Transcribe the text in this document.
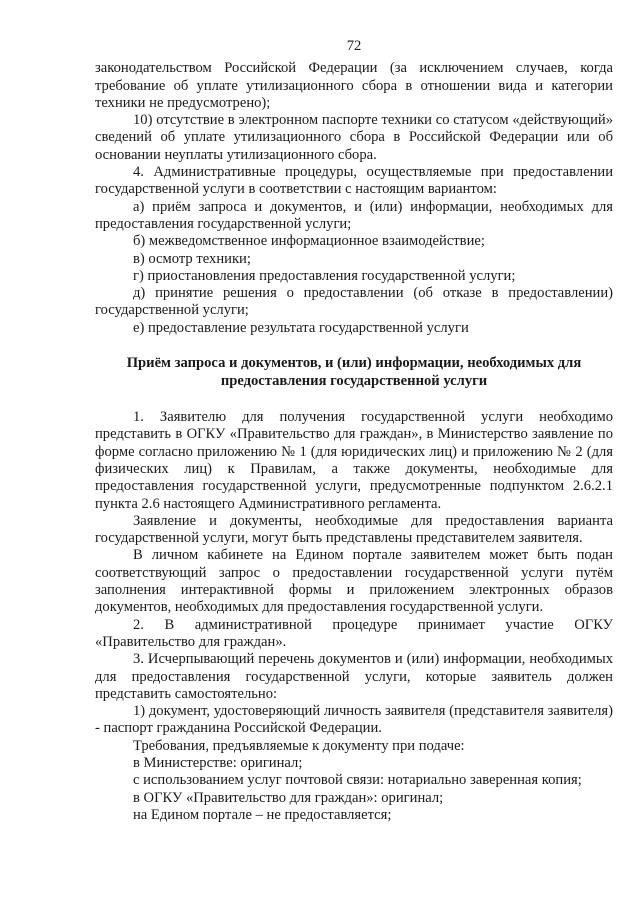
72

законодательством Российской Федерации (за исключением случаев, когда требование об уплате утилизационного сбора в отношении вида и категории техники не предусмотрено);

10) отсутствие в электронном паспорте техники со статусом «действующий» сведений об уплате утилизационного сбора в Российской Федерации или об основании неуплаты утилизационного сбора.

4. Административные процедуры, осуществляемые при предоставлении государственной услуги в соответствии с настоящим вариантом:

а) приём запроса и документов, и (или) информации, необходимых для предоставления государственной услуги;

б) межведомственное информационное взаимодействие;

в) осмотр техники;

г) приостановления предоставления государственной услуги;

д) принятие решения о предоставлении (об отказе в предоставлении) государственной услуги;

е) предоставление результата государственной услуги

Приём запроса и документов, и (или) информации, необходимых для предоставления государственной услуги

1. Заявителю для получения государственной услуги необходимо представить в ОГКУ «Правительство для граждан», в Министерство заявление по форме согласно приложению № 1 (для юридических лиц) и приложению № 2 (для физических лиц) к Правилам, а также документы, необходимые для предоставления государственной услуги, предусмотренные подпунктом 2.6.2.1 пункта 2.6 настоящего Административного регламента.

Заявление и документы, необходимые для предоставления варианта государственной услуги, могут быть представлены представителем заявителя.

В личном кабинете на Едином портале заявителем может быть подан соответствующий запрос о предоставлении государственной услуги путём заполнения интерактивной формы и приложением электронных образов документов, необходимых для предоставления государственной услуги.

2. В административной процедуре принимает участие ОГКУ «Правительство для граждан».

3. Исчерпывающий перечень документов и (или) информации, необходимых для предоставления государственной услуги, которые заявитель должен представить самостоятельно:

1) документ, удостоверяющий личность заявителя (представителя заявителя) - паспорт гражданина Российской Федерации.

Требования, предъявляемые к документу при подаче:

в Министерстве: оригинал;

с использованием услуг почтовой связи: нотариально заверенная копия;

в ОГКУ «Правительство для граждан»: оригинал;

на Едином портале – не предоставляется;
